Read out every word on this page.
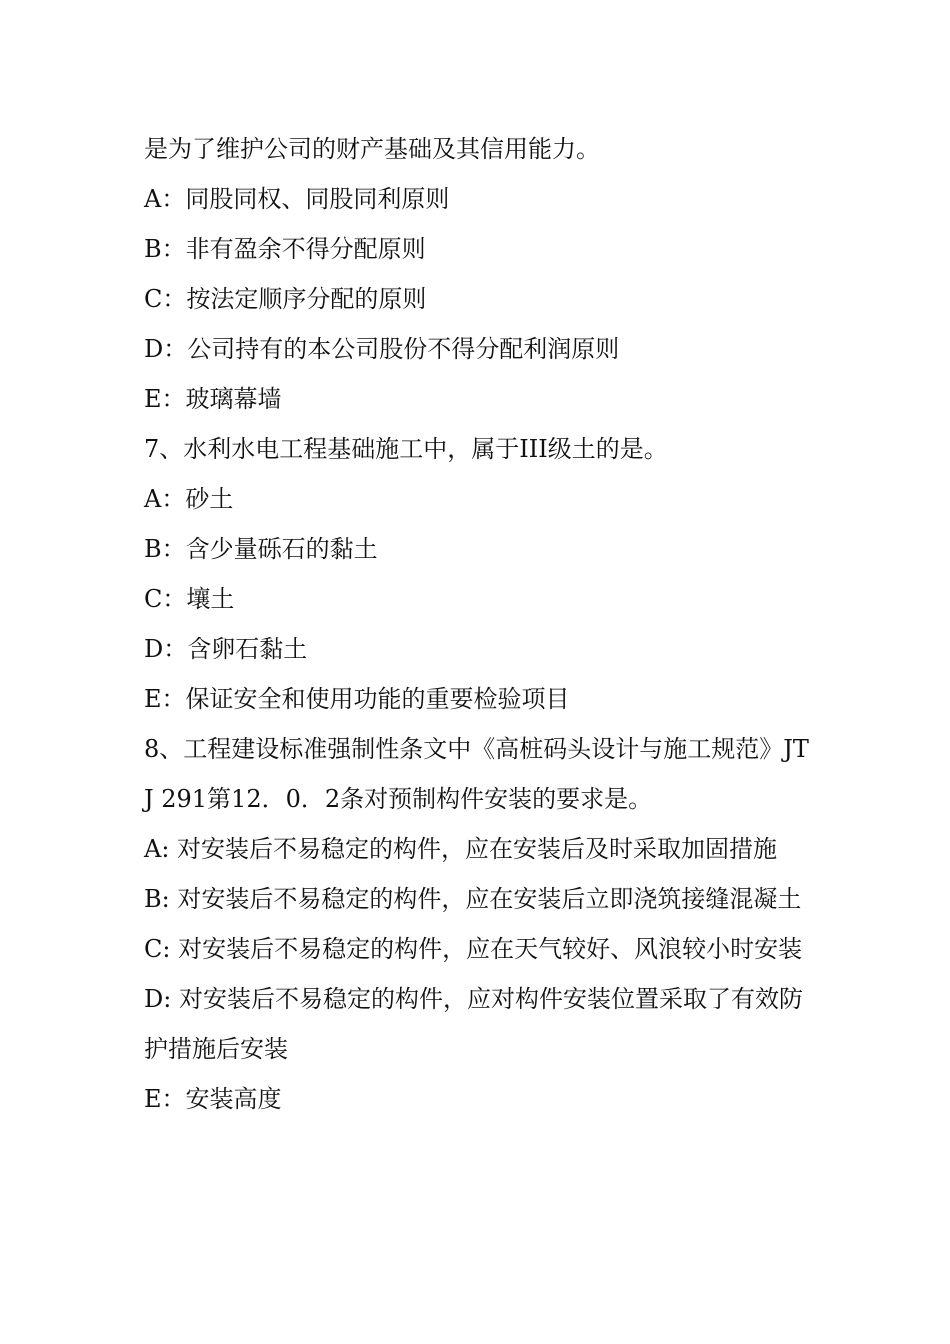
是为了维护公司的财产基础及其信用能力。
A：同股同权、同股同利原则
B：非有盈余不得分配原则
C：按法定顺序分配的原则
D：公司持有的本公司股份不得分配利润原则
E：玻璃幕墙
7、水利水电工程基础施工中，属于III级土的是。
A：砂土
B：含少量砾石的黏土
C：壤土
D：含卵石黏土
E：保证安全和使用功能的重要检验项目
8、工程建设标准强制性条文中《高桩码头设计与施工规范》JTJ 291第12．0．2条对预制构件安装的要求是。
A: 对安装后不易稳定的构件，应在安装后及时采取加固措施
B: 对安装后不易稳定的构件，应在安装后立即浇筑接缝混凝土
C: 对安装后不易稳定的构件，应在天气较好、风浪较小时安装
D: 对安装后不易稳定的构件，应对构件安装位置采取了有效防护措施后安装
E：安装高度
